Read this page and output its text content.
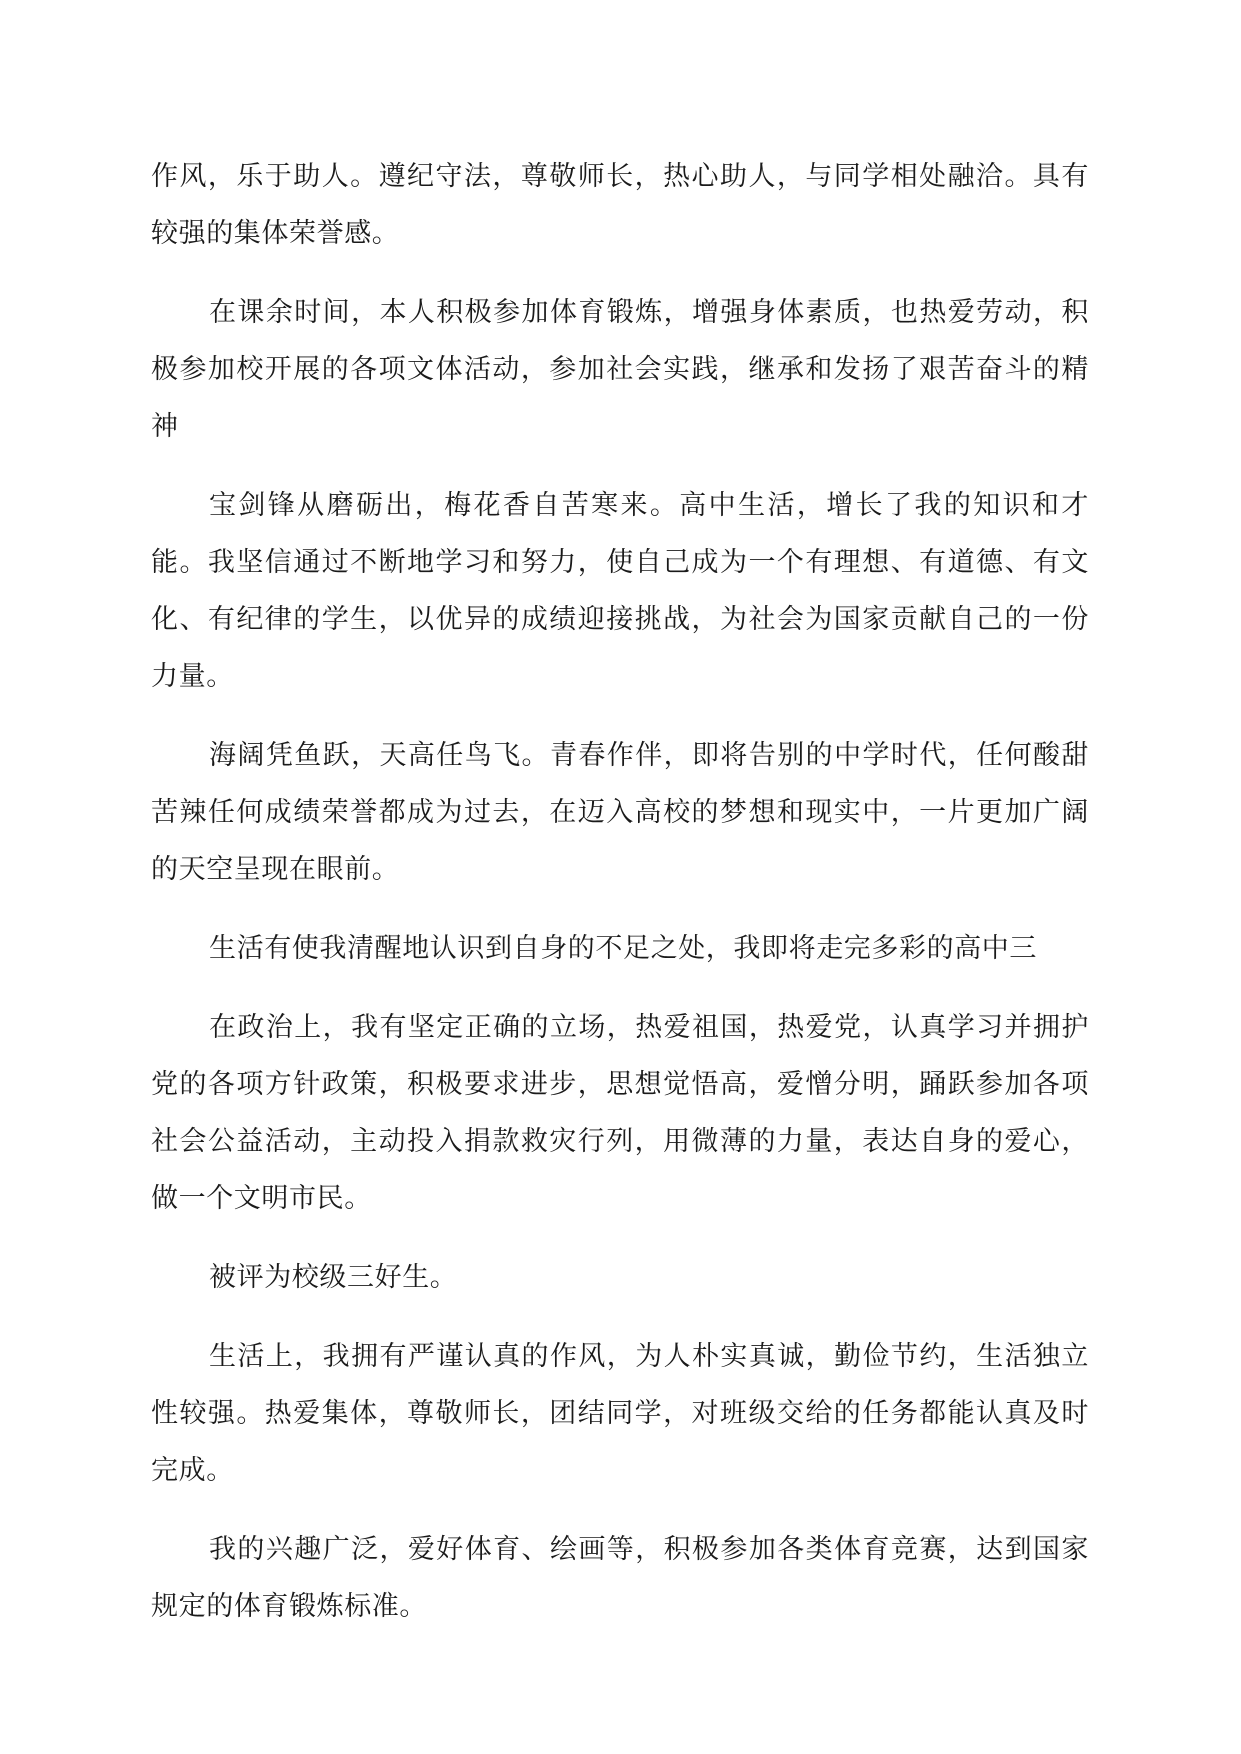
作风，乐于助人。遵纪守法，尊敬师长，热心助人，与同学相处融洽。具有较强的集体荣誉感。

在课余时间，本人积极参加体育锻炼，增强身体素质，也热爱劳动，积极参加校开展的各项文体活动，参加社会实践，继承和发扬了艰苦奋斗的精神

宝剑锋从磨砺出，梅花香自苦寒来。高中生活，增长了我的知识和才能。我坚信通过不断地学习和努力，使自己成为一个有理想、有道德、有文化、有纪律的学生，以优异的成绩迎接挑战，为社会为国家贡献自己的一份力量。

海阔凭鱼跃，天高任鸟飞。青春作伴，即将告别的中学时代，任何酸甜苦辣任何成绩荣誉都成为过去，在迈入高校的梦想和现实中，一片更加广阔的天空呈现在眼前。

生活有使我清醒地认识到自身的不足之处，我即将走完多彩的高中三

在政治上，我有坚定正确的立场，热爱祖国，热爱党，认真学习并拥护党的各项方针政策，积极要求进步，思想觉悟高，爱憎分明，踊跃参加各项社会公益活动，主动投入捐款救灾行列，用微薄的力量，表达自身的爱心，做一个文明市民。

被评为校级三好生。

生活上，我拥有严谨认真的作风，为人朴实真诚，勤俭节约，生活独立性较强。热爱集体，尊敬师长，团结同学，对班级交给的任务都能认真及时完成。

我的兴趣广泛，爱好体育、绘画等，积极参加各类体育竞赛，达到国家规定的体育锻炼标准。
